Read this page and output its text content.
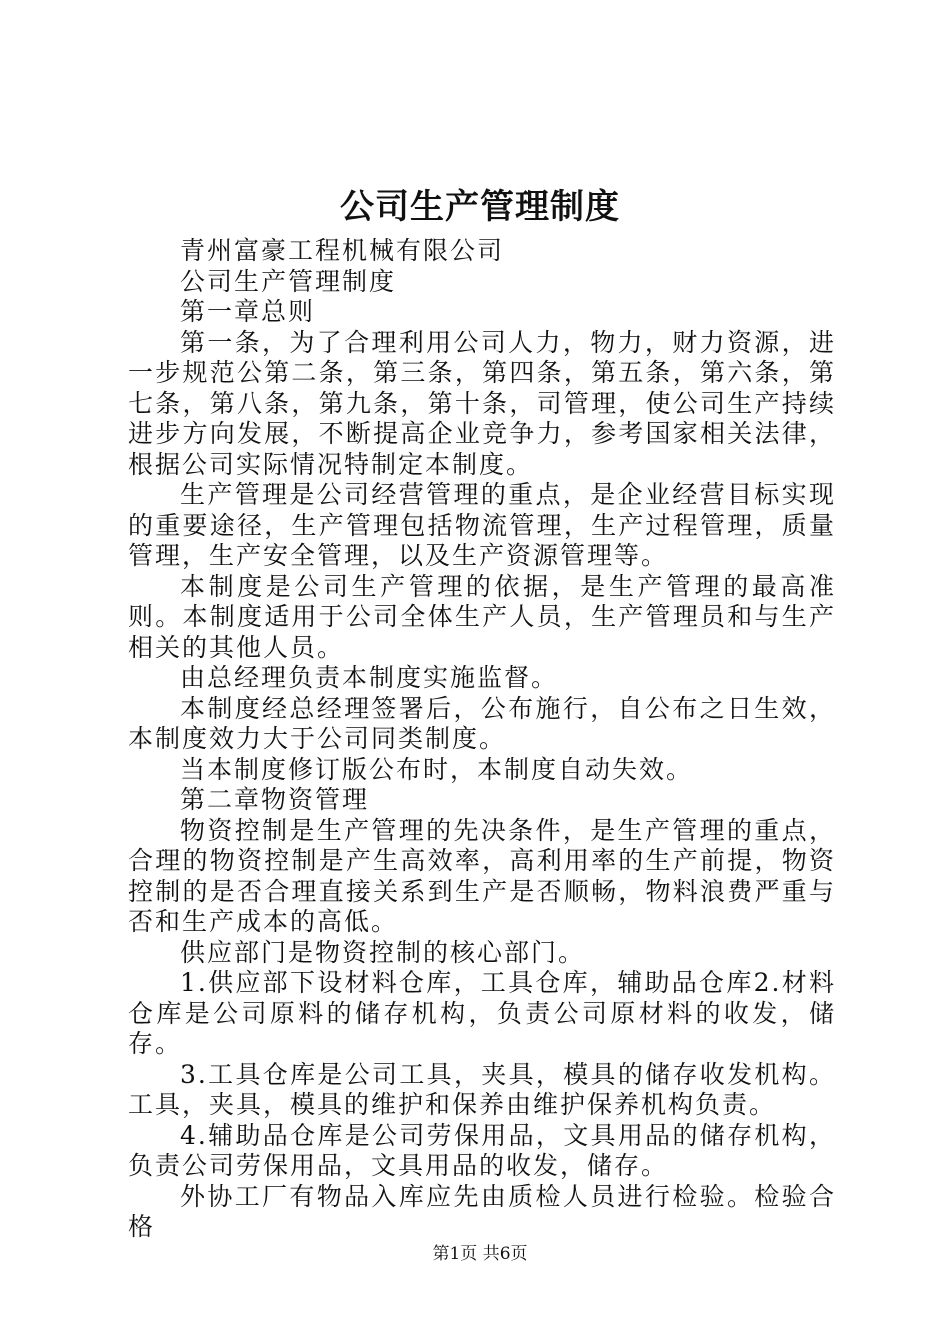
公司生产管理制度

青州富豪工程机械有限公司

公司生产管理制度

第一章总则

第一条，为了合理利用公司人力，物力，财力资源，进一步规范公第二条，第三条，第四条，第五条，第六条，第七条，第八条，第九条，第十条，司管理，使公司生产持续进步方向发展，不断提高企业竞争力，参考国家相关法律，根据公司实际情况特制定本制度。

生产管理是公司经营管理的重点，是企业经营目标实现的重要途径，生产管理包括物流管理，生产过程管理，质量管理，生产安全管理，以及生产资源管理等。

本制度是公司生产管理的依据，是生产管理的最高准则。本制度适用于公司全体生产人员，生产管理员和与生产相关的其他人员。

由总经理负责本制度实施监督。

本制度经总经理签署后，公布施行，自公布之日生效，本制度效力大于公司同类制度。

当本制度修订版公布时，本制度自动失效。

第二章物资管理

物资控制是生产管理的先决条件，是生产管理的重点，合理的物资控制是产生高效率，高利用率的生产前提，物资控制的是否合理直接关系到生产是否顺畅，物料浪费严重与否和生产成本的高低。

供应部门是物资控制的核心部门。

1.供应部下设材料仓库，工具仓库，辅助品仓库2.材料仓库是公司原料的储存机构，负责公司原材料的收发，储存。

3.工具仓库是公司工具，夹具，模具的储存收发机构。工具，夹具，模具的维护和保养由维护保养机构负责。

4.辅助品仓库是公司劳保用品，文具用品的储存机构，负责公司劳保用品，文具用品的收发，储存。

外协工厂有物品入库应先由质检人员进行检验。检验合格

第1页 共6页
